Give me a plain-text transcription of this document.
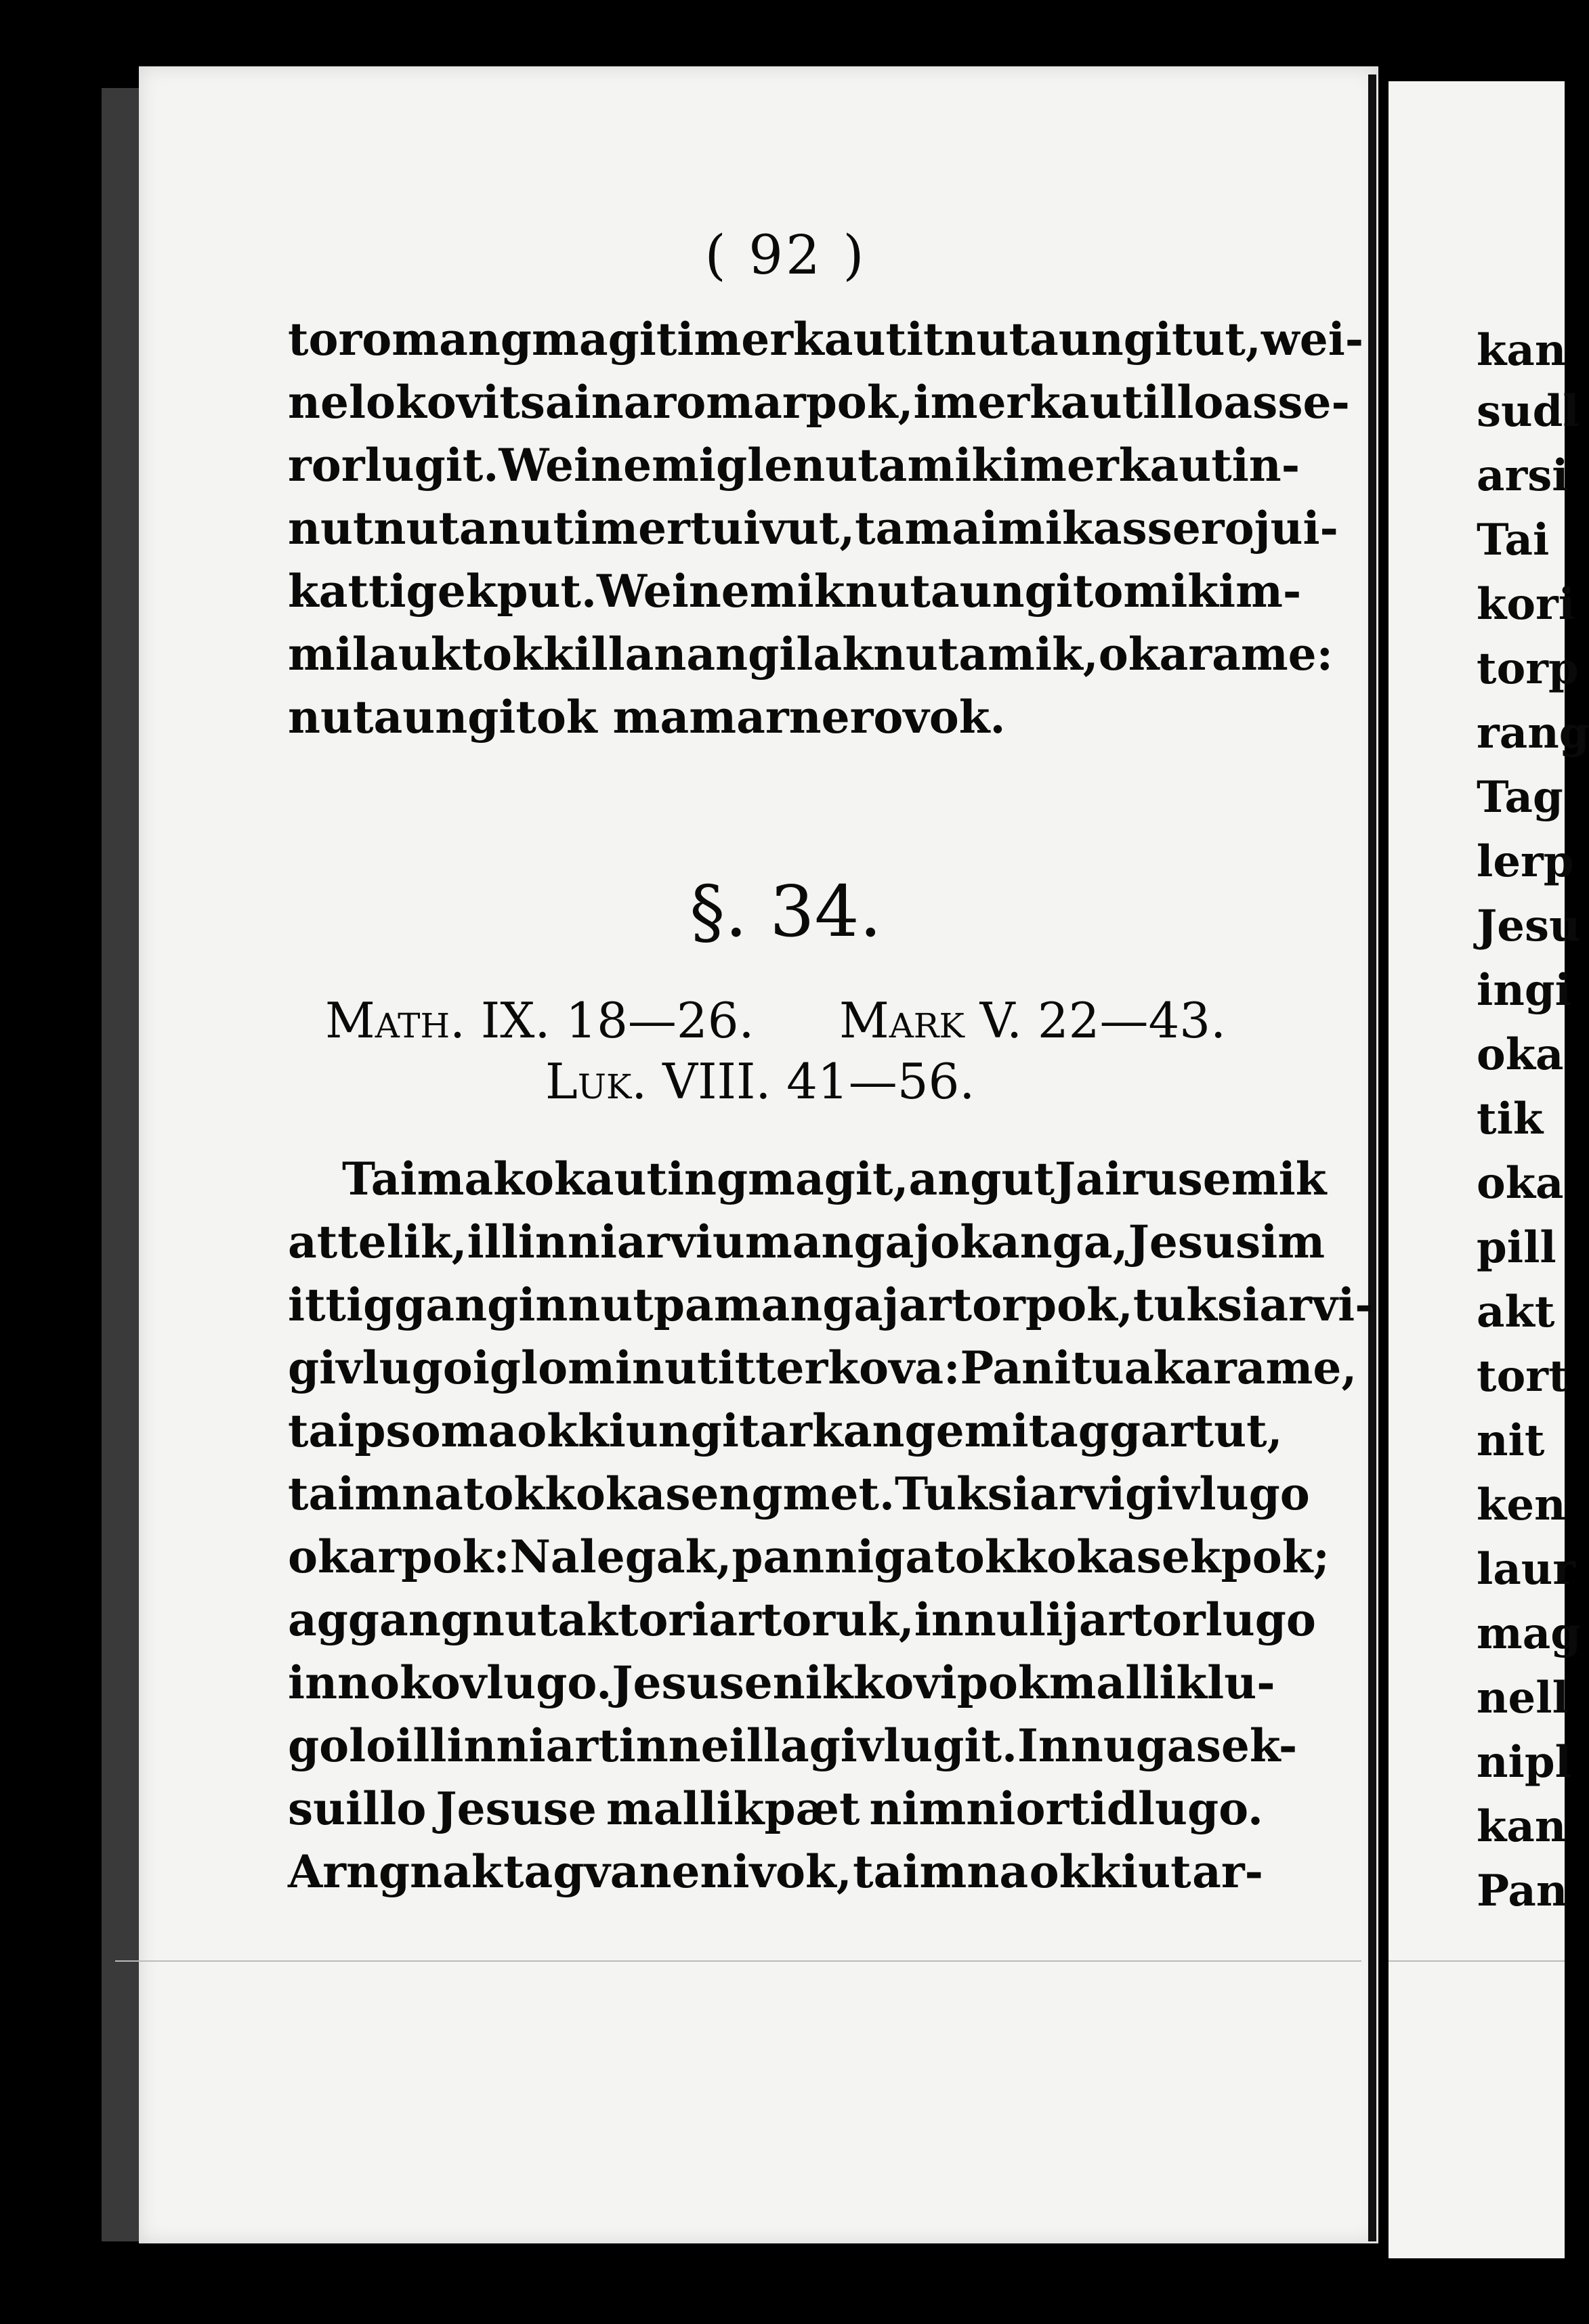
( 92 )
toromangmagit imerkautit nutaungitut, wei-
nelo kovitsainaromarpok, imerkautillo asse-
rorlugit. Weinemigle nutamik imerkautin-
nut nutanut imertuivut, tamaimik asserojui-
kattigekput. Weinemik nutaungitomik im-
milauktok killanangilak nutamik, okarame:
nutaungitok mamarnerovok.
§. 34.
Math. IX. 18—26. Mark V. 22—43.
Luk. VIII. 41—56.
Taimak okautingmagit, angut Jairusemik
attelik, illinniarvium angajokanga, Jesusim
ittigganginnut pamangajartorpok, tuksiarvi-
givlugo iglominut itterkova: Panituakarame,
taipsoma okkiungit arkangemit aggartut,
taimna tokkokasengmet. Tuksiarvigivlugo
okarpok: Nalegak, panniga tokkokasekpok;
aggangnut aktoriartoruk, innulijartorlugo
innokovlugo. Jesuse nikkovipok malliklu-
golo illinniartinne illagivlugit. Innugasek-
suillo Jesuse mallikpæt nimniortidlugo.
Arngnak tagvanenivok, taimna okkiut ar-
kan
sudl
arsi
Tai
kori
torp
rang
Tag
lerp
Jesu
ingi
oka
tik
oka
pill
akt
tort
nit
ken
laur
mag
nell
nipl
kan
Pan
